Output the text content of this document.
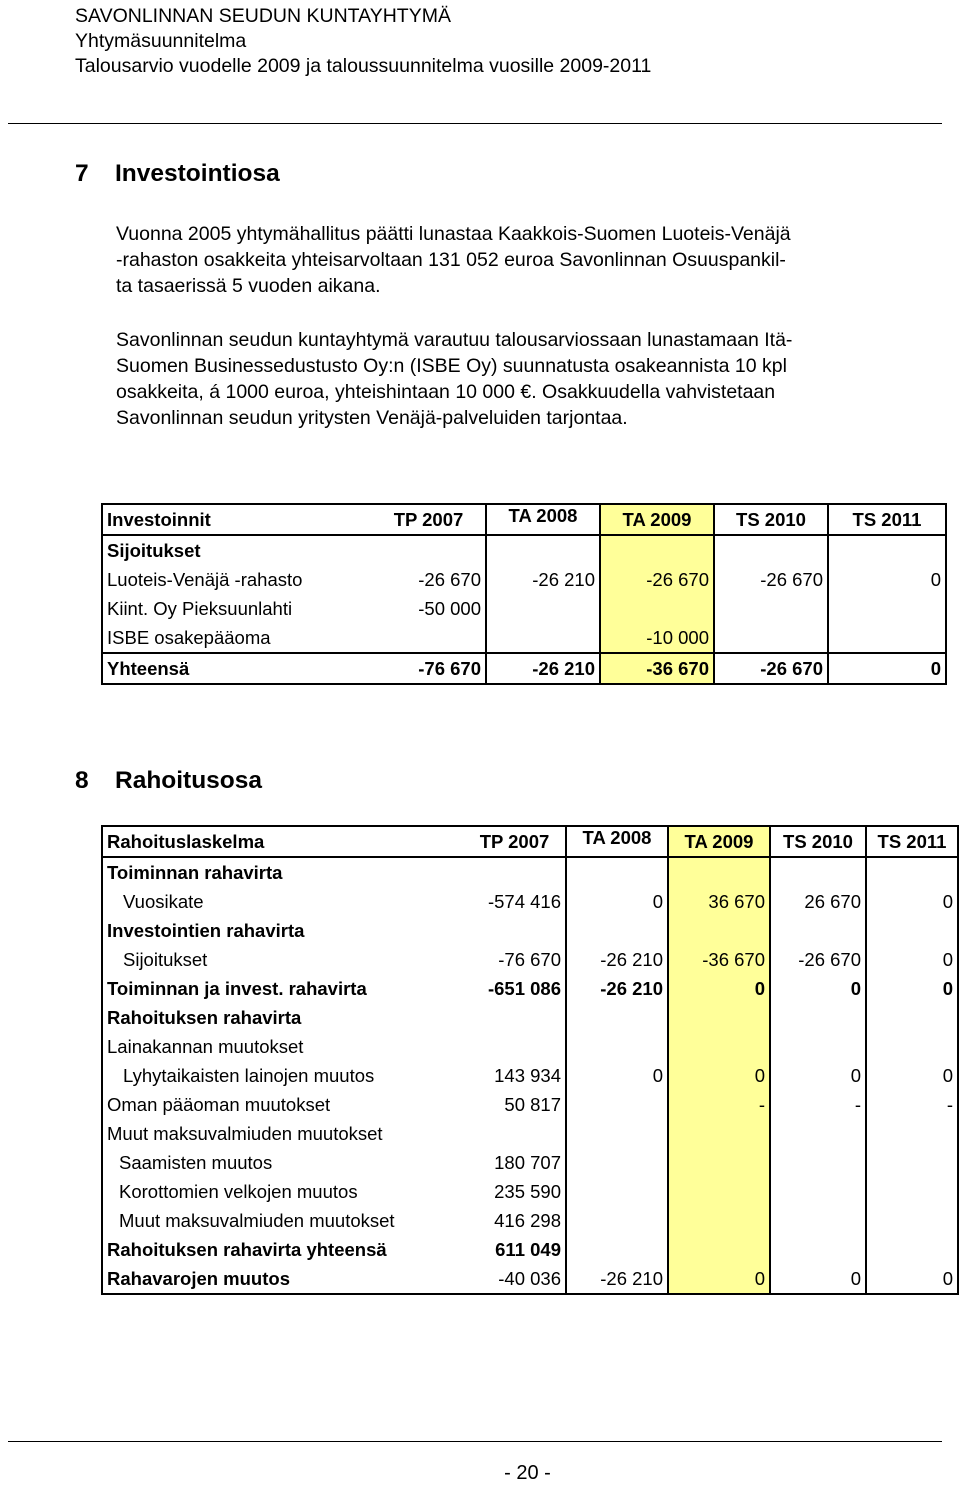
SAVONLINNAN SEUDUN KUNTAYHTYMÄ
Yhtymäsuunnitelma
Talousarvio vuodelle 2009 ja taloussuunnitelma vuosille 2009-2011
7 Investointiosa
Vuonna 2005 yhtymähallitus päätti lunastaa Kaakkois-Suomen Luoteis-Venäjä
-rahaston osakkeita yhteisarvoltaan 131 052 euroa Savonlinnan Osuuspankil-
ta tasaerissä 5 vuoden aikana.
Savonlinnan seudun kuntayhtymä varautuu talousarviossaan lunastamaan Itä-
Suomen Businessedustusto Oy:n (ISBE Oy) suunnatusta osakeannista 10 kpl
osakkeita, á 1000 euroa, yhteishintaan 10 000 €. Osakkuudella vahvistetaan
Savonlinnan seudun yritysten Venäjä-palveluiden tarjontaa.
Investoinnit	TP 2007	TA 2008	TA 2009	TS 2010	TS 2011
Sijoitukset					
Luoteis-Venäjä -rahasto	-26 670	-26 210	-26 670	-26 670	0
Kiint. Oy Pieksuunlahti	-50 000				
ISBE osakepääoma			-10 000		
Yhteensä	-76 670	-26 210	-36 670	-26 670	0
8 Rahoitusosa
Rahoituslaskelma	TP 2007	TA 2008	TA 2009	TS 2010	TS 2011
Toiminnan rahavirta					
Vuosikate	-574 416	0	36 670	26 670	0
Investointien rahavirta					
Sijoitukset	-76 670	-26 210	-36 670	-26 670	0
Toiminnan ja invest. rahavirta	-651 086	-26 210	0	0	0
Rahoituksen rahavirta					
Lainakannan muutokset					
Lyhytaikaisten lainojen muutos	143 934	0	0	0	0
Oman pääoman muutokset	50 817		-	-	-
Muut maksuvalmiuden muutokset					
Saamisten muutos	180 707				
Korottomien velkojen muutos	235 590				
Muut maksuvalmiuden muutokset	416 298				
Rahoituksen rahavirta yhteensä	611 049				
Rahavarojen muutos	-40 036	-26 210	0	0	0
- 20 -
